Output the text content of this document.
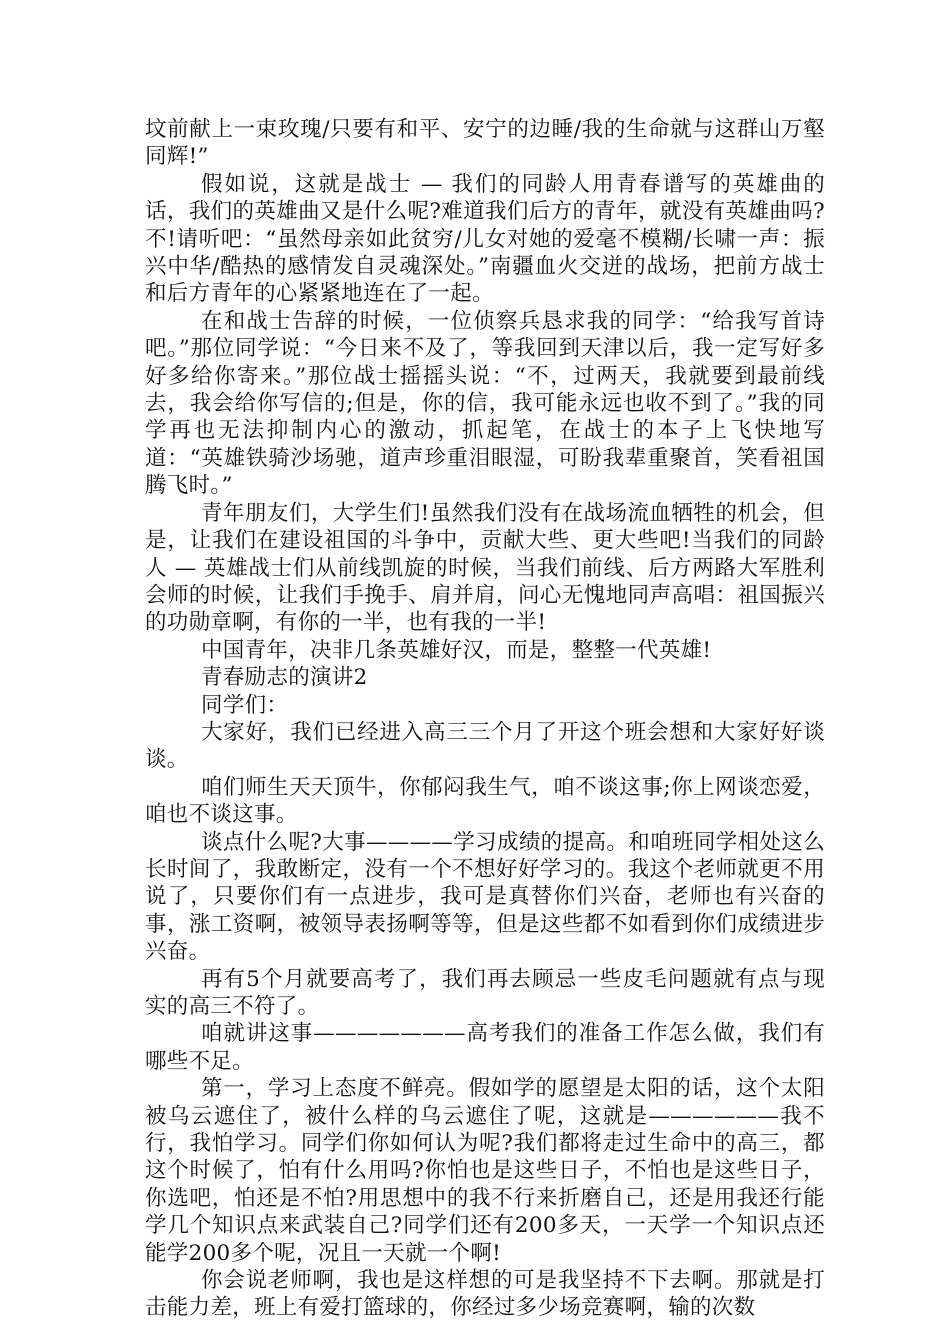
坟前献上一束玫瑰/只要有和平、安宁的边睡/我的生命就与这群山万壑同辉!”

假如说，这就是战士 — 我们的同龄人用青春谱写的英雄曲的话，我们的英雄曲又是什么呢?难道我们后方的青年，就没有英雄曲吗?不!请听吧：“虽然母亲如此贫穷/儿女对她的爱毫不模糊/长啸一声：振兴中华/酷热的感情发自灵魂深处。”南疆血火交迸的战场，把前方战士和后方青年的心紧紧地连在了一起。

在和战士告辞的时候，一位侦察兵恳求我的同学：“给我写首诗吧。”那位同学说：“今日来不及了，等我回到天津以后，我一定写好多好多给你寄来。”那位战士摇摇头说：“不，过两天，我就要到最前线去，我会给你写信的;但是，你的信，我可能永远也收不到了。”我的同学再也无法抑制内心的激动，抓起笔，在战士的本子上飞快地写道：“英雄铁骑沙场驰，道声珍重泪眼湿，可盼我辈重聚首，笑看祖国腾飞时。”

青年朋友们，大学生们!虽然我们没有在战场流血牺牲的机会，但是，让我们在建设祖国的斗争中，贡献大些、更大些吧!当我们的同龄人 — 英雄战士们从前线凯旋的时候，当我们前线、后方两路大军胜利会师的时候，让我们手挽手、肩并肩，问心无愧地同声高唱：祖国振兴的功勋章啊，有你的一半，也有我的一半!

中国青年，决非几条英雄好汉，而是，整整一代英雄!

青春励志的演讲2

同学们：

大家好，我们已经进入高三三个月了开这个班会想和大家好好谈谈。

咱们师生天天顶牛，你郁闷我生气，咱不谈这事;你上网谈恋爱，咱也不谈这事。

谈点什么呢?大事————学习成绩的提高。和咱班同学相处这么长时间了，我敢断定，没有一个不想好好学习的。我这个老师就更不用说了，只要你们有一点进步，我可是真替你们兴奋，老师也有兴奋的事，涨工资啊，被领导表扬啊等等，但是这些都不如看到你们成绩进步兴奋。

再有5个月就要高考了，我们再去顾忌一些皮毛问题就有点与现实的高三不符了。

咱就讲这事———————高考我们的准备工作怎么做，我们有哪些不足。

第一，学习上态度不鲜亮。假如学的愿望是太阳的话，这个太阳被乌云遮住了，被什么样的乌云遮住了呢，这就是——————我不行，我怕学习。同学们你如何认为呢?我们都将走过生命中的高三，都这个时候了，怕有什么用吗?你怕也是这些日子，不怕也是这些日子，你选吧，怕还是不怕?用思想中的我不行来折磨自己，还是用我还行能学几个知识点来武装自己?同学们还有200多天，一天学一个知识点还能学200多个呢，况且一天就一个啊!

你会说老师啊，我也是这样想的可是我坚持不下去啊。那就是打击能力差，班上有爱打篮球的，你经过多少场竞赛啊，输的次数
